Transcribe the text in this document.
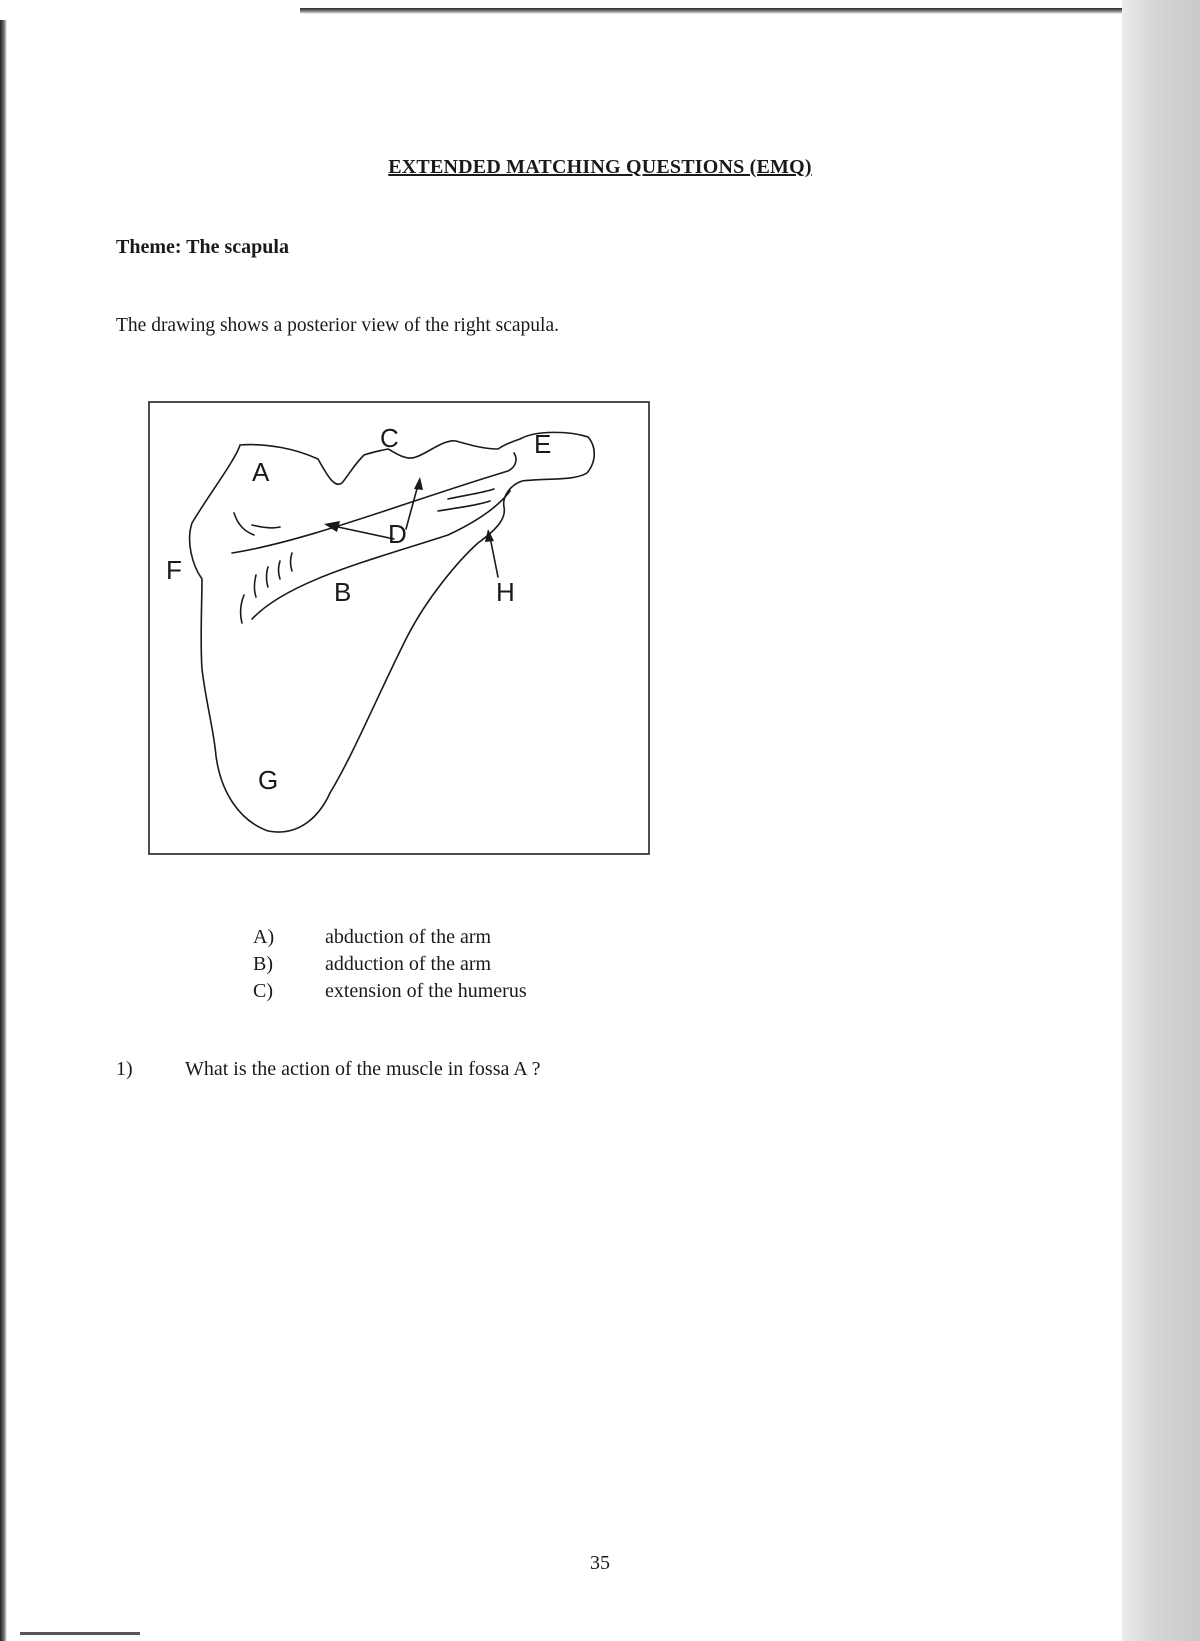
EXTENDED MATCHING QUESTIONS (EMQ)
Theme: The scapula
The drawing shows a posterior view of the right scapula.
A
B
C
D
E
F
G
H
A)	abduction of the arm
B)	adduction of the arm
C)	extension of the humerus
1)	What is the action of the muscle in fossa A ?
35
